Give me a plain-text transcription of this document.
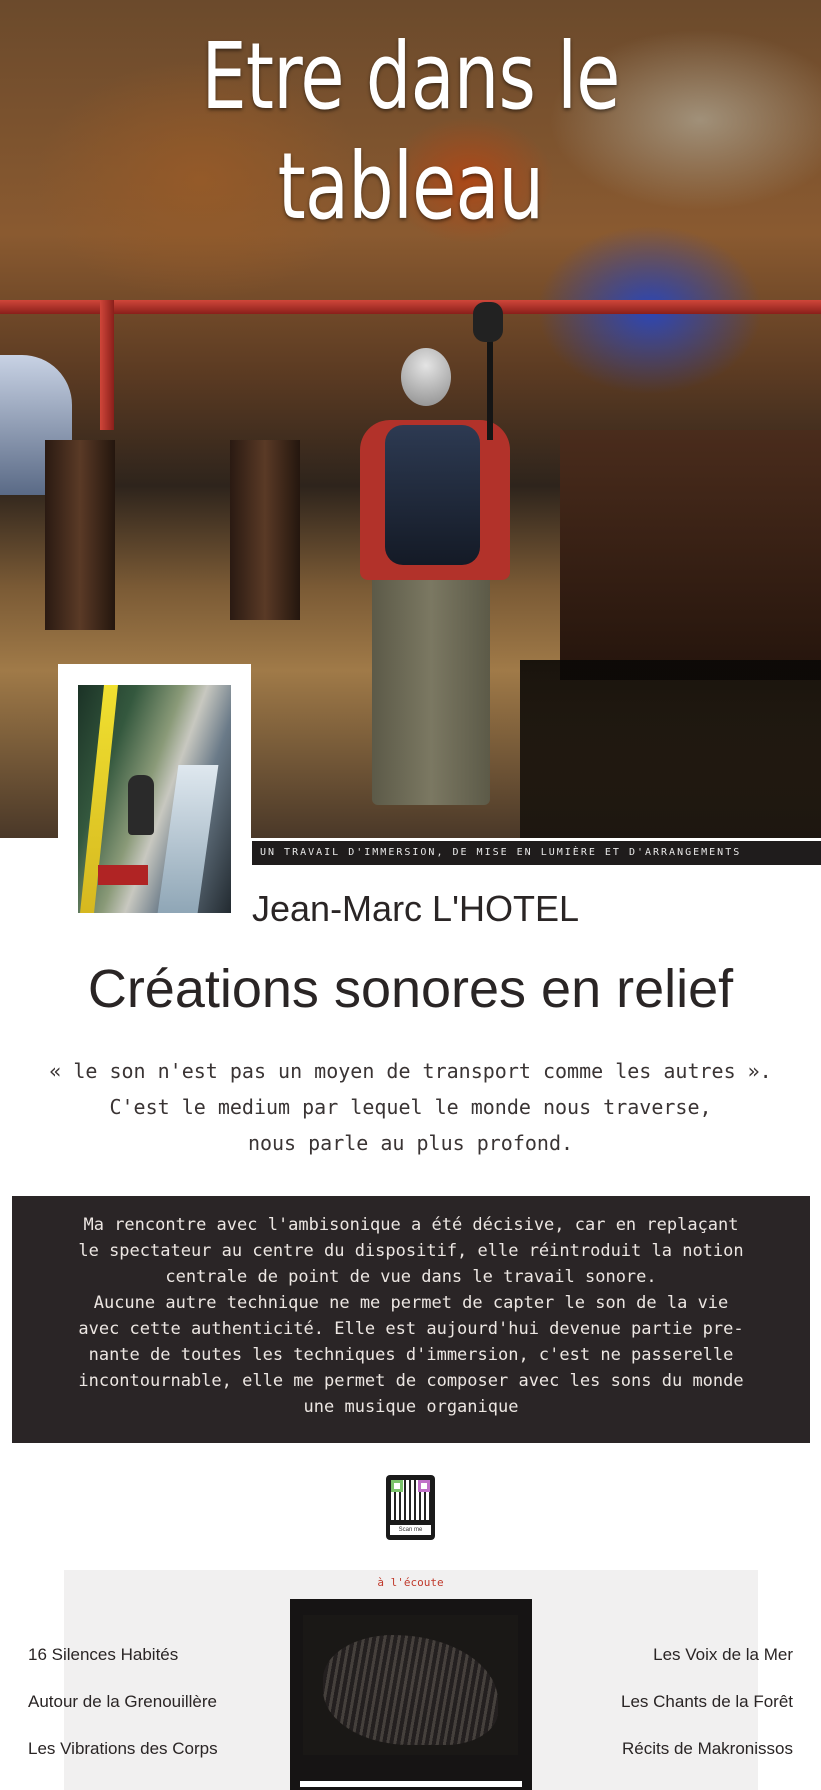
Etre dans le tableau
UN TRAVAIL D'IMMERSION, DE MISE EN LUMIÈRE ET D'ARRANGEMENTS
Jean-Marc L'HOTEL
Créations sonores en relief
« le son n'est pas un moyen de transport comme les autres ».
C'est le medium par lequel le monde nous traverse,
nous parle au plus profond.
Ma rencontre avec l'ambisonique a été décisive, car en replaçant
le spectateur au centre du dispositif, elle réintroduit la notion
centrale de point de vue dans le travail sonore.
Aucune autre technique ne me permet de capter le son de la vie
avec cette authenticité. Elle est aujourd'hui devenue partie pre-
nante de toutes les techniques d'immersion, c'est ne passerelle
incontournable, elle me permet de composer avec les sons du monde
une musique organique
Scan me
à l'écoute
16 Silences Habités
Autour de la Grenouillère
Les Vibrations des Corps
Les Voix de la Mer
Les Chants de la Forêt
Récits de Makronissos
